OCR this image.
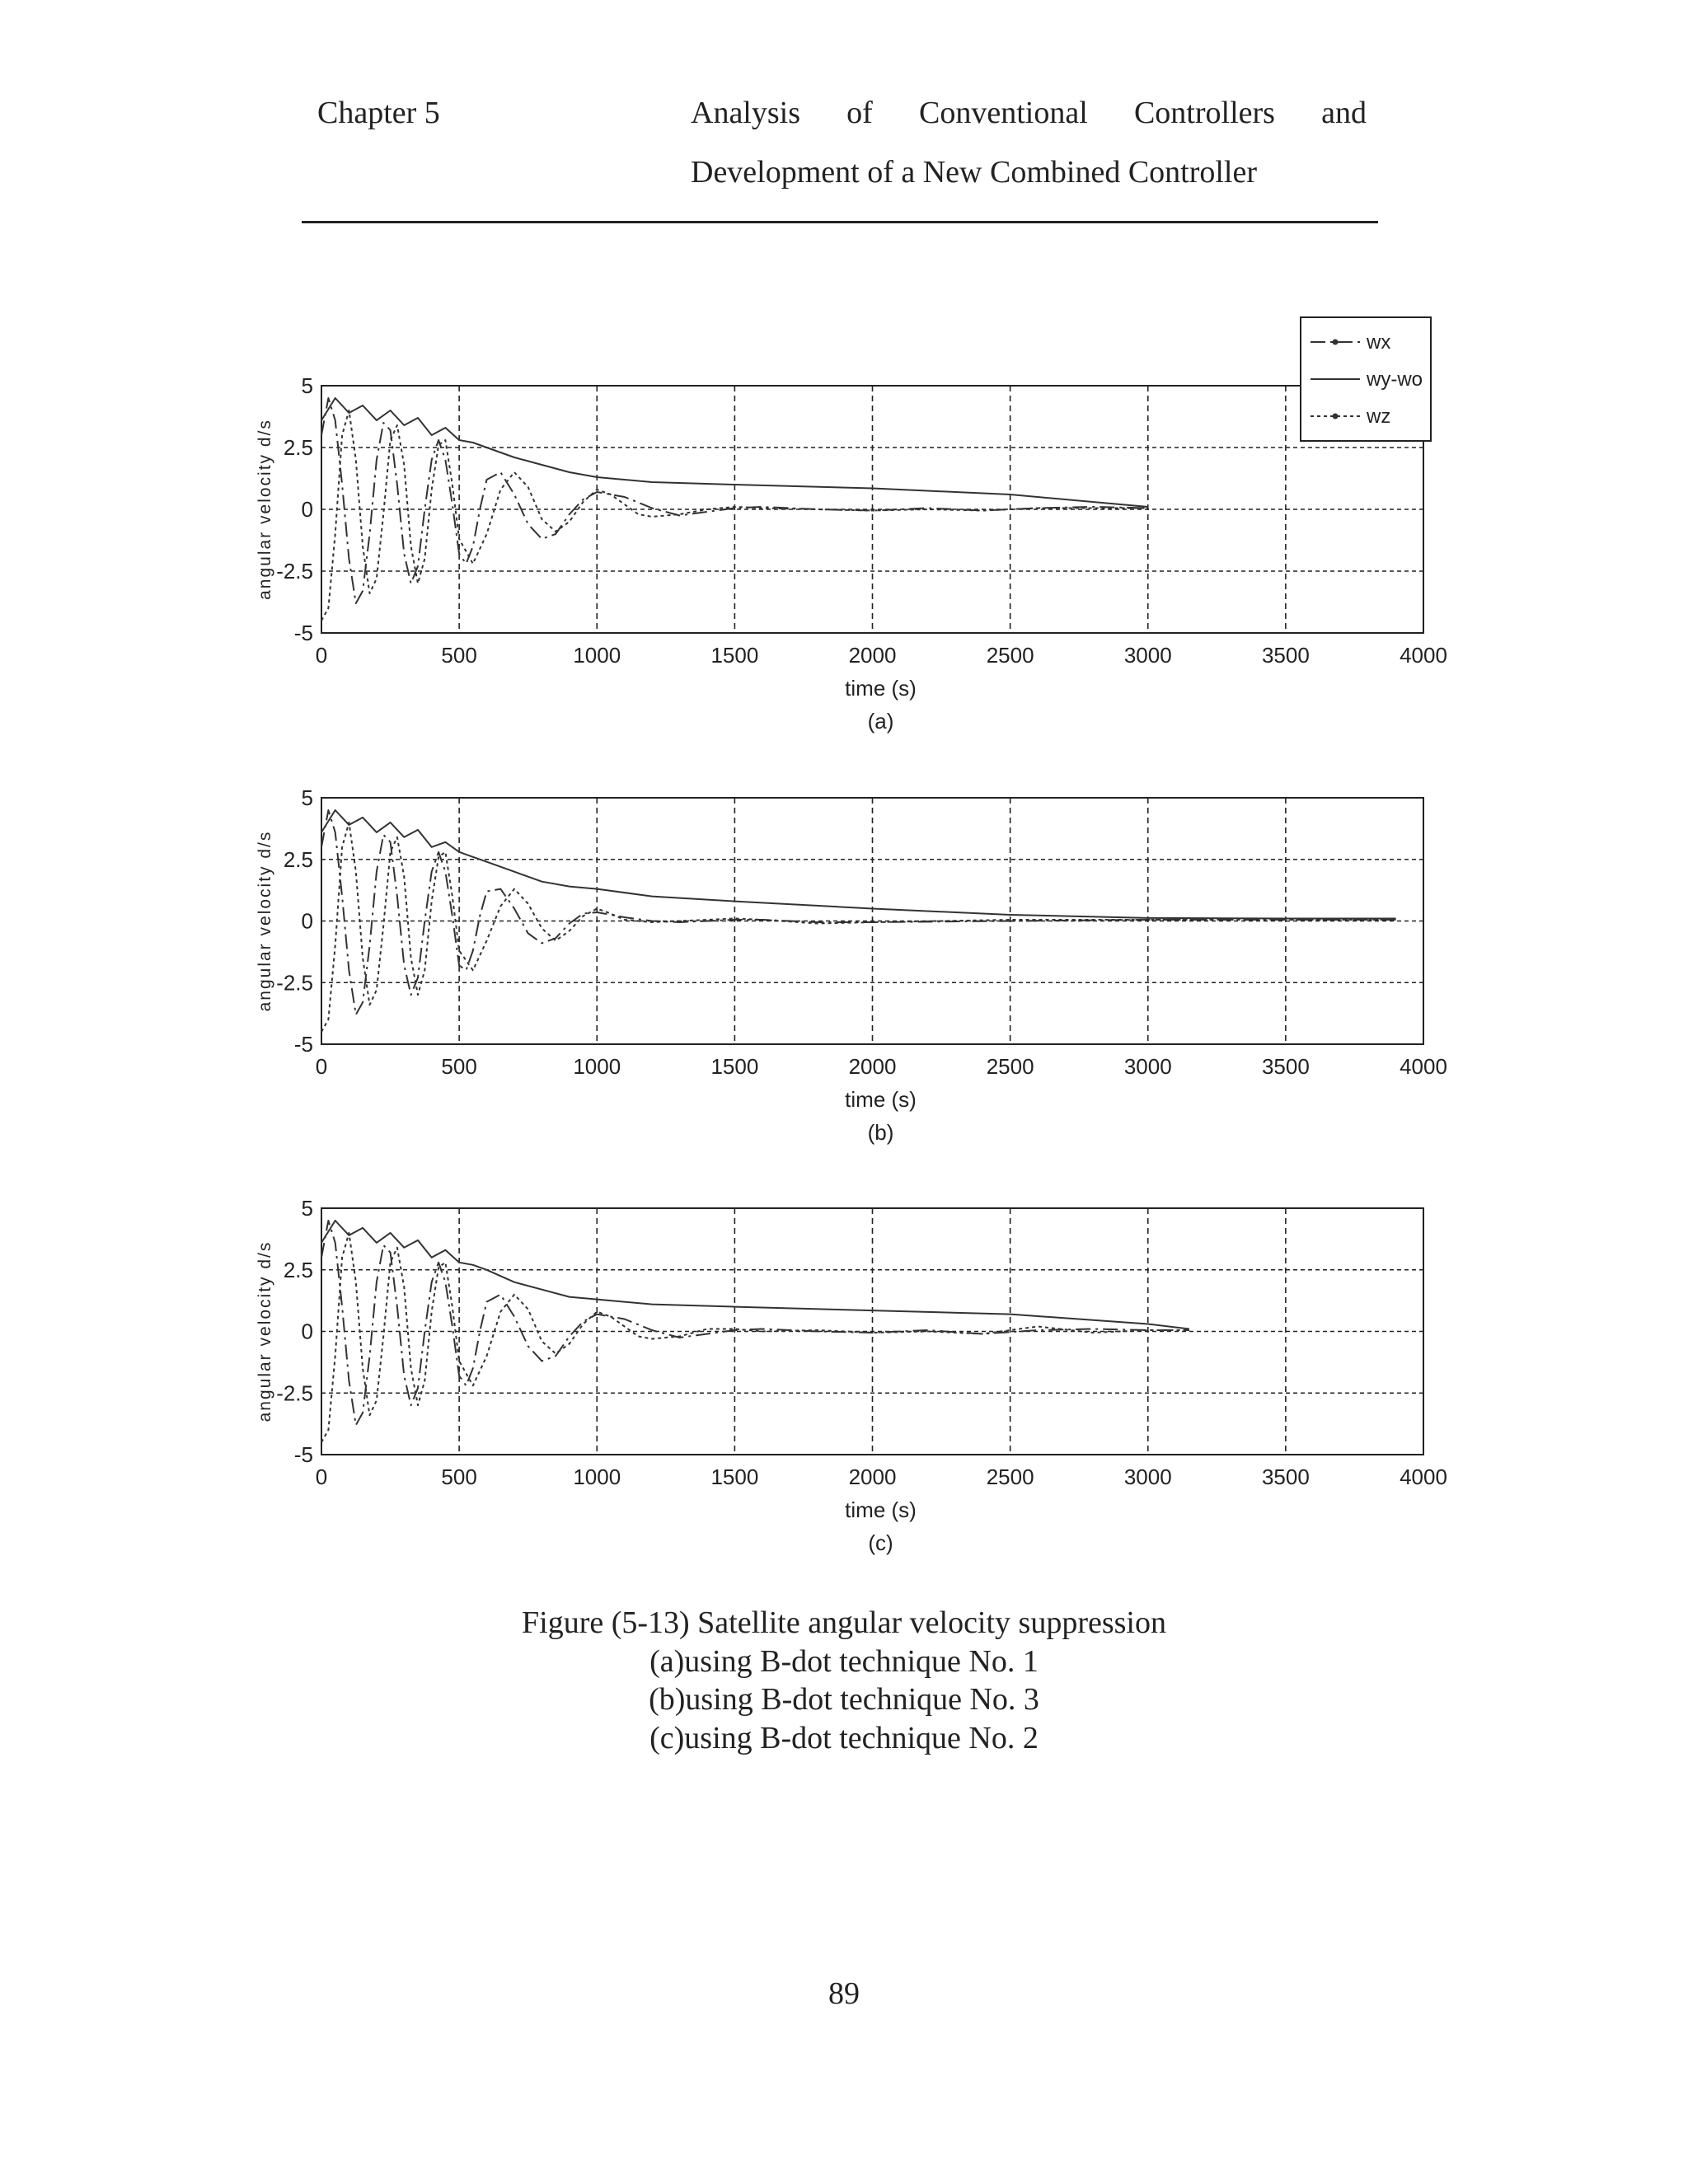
Chapter 5	Analysis of Conventional Controllers and
Development of a New Combined Controller
0	500	1000	1500	2000	2500	3000	3500	4000
5
2.5
0
-2.5
-5
time (s)
(a)
angular velocity d/s
0	500	1000	1500	2000	2500	3000	3500	4000
5
2.5
0
-2.5
-5
time (s)
(b)
angular velocity d/s
0	500	1000	1500	2000	2500	3000	3500	4000
5
2.5
0
-2.5
-5
time (s)
(c)
angular velocity d/s
wx
wy-wo
wz
Figure (5-13) Satellite angular velocity suppression
(a)using B-dot technique No. 1
(b)using B-dot technique No. 3
(c)using B-dot technique No. 2
89
